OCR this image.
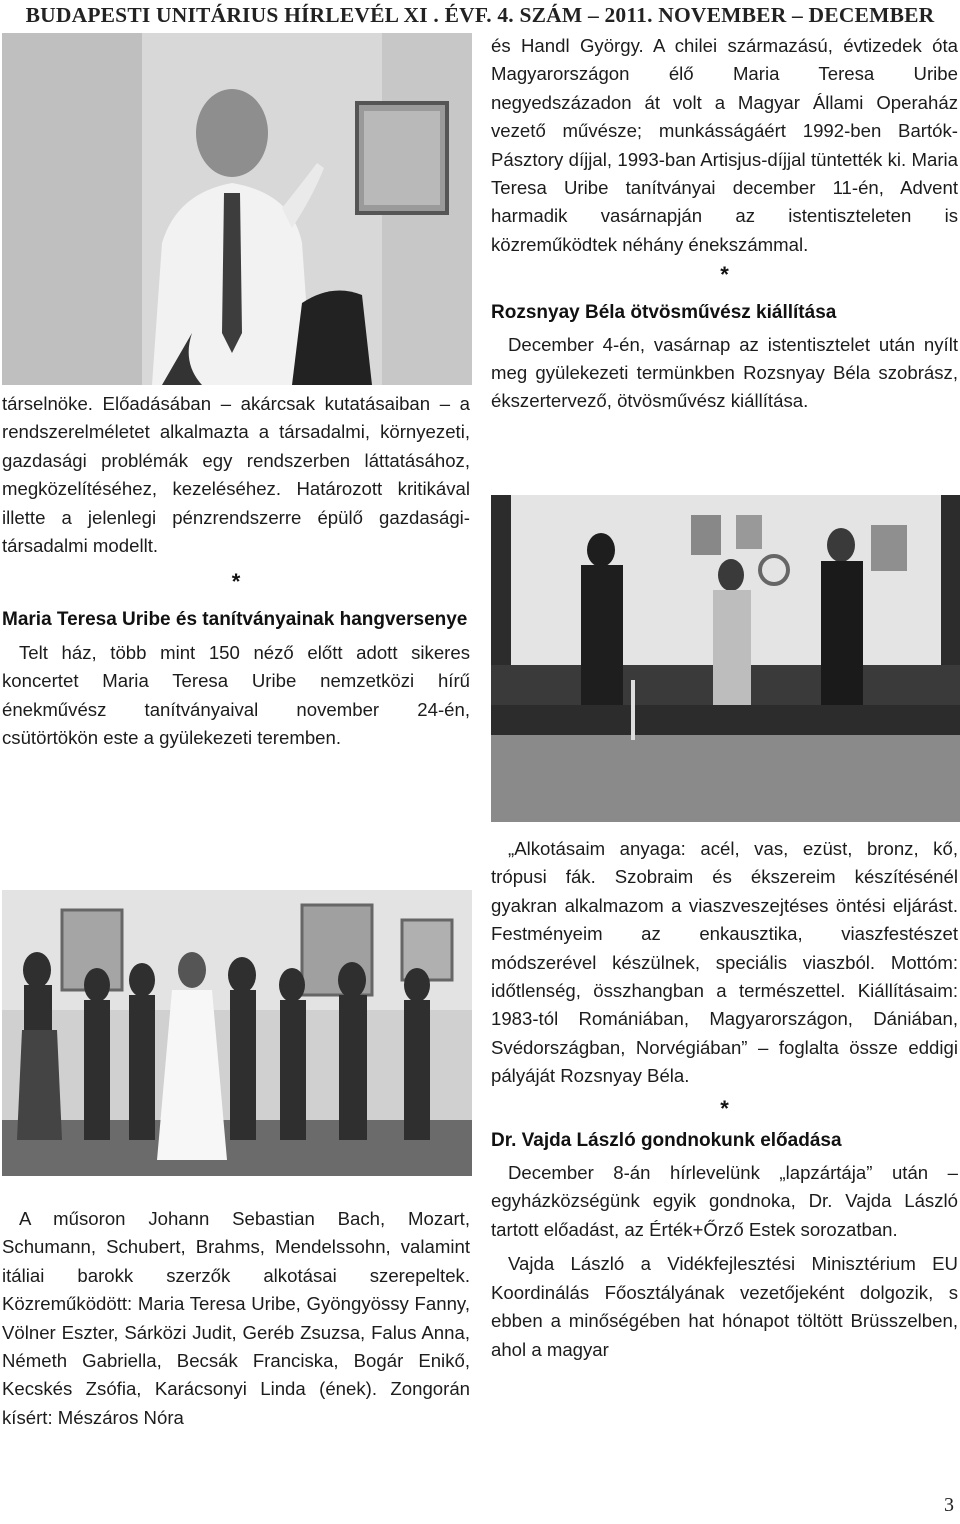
BUDAPESTI UNITÁRIUS HÍRLEVÉL XI . ÉVF. 4. SZÁM – 2011. NOVEMBER – DECEMBER

társelnöke. Előadásában – akárcsak kutatásaiban – a rendszerelméletet alkalmazta a társadalmi, környezeti, gazdasági problémák egy rendszerben láttatásához, megközelítéséhez, kezeléséhez. Határozott kritikával illette a jelenlegi pénzrendszerre épülő gazdasági-társadalmi modellt.

*
Maria Teresa Uribe és tanítványainak hangversenye

Telt ház, több mint 150 néző előtt adott sikeres koncertet Maria Teresa Uribe nemzetközi hírű énekművész tanítványaival november 24-én, csütörtökön este a gyülekezeti teremben.

A műsoron Johann Sebastian Bach, Mozart, Schumann, Schubert, Brahms, Mendelssohn, valamint itáliai barokk szerzők alkotásai szerepeltek. Közreműködött: Maria Teresa Uribe, Gyöngyössy Fanny, Völner Eszter, Sárközi Judit, Geréb Zsuzsa, Falus Anna, Németh Gabriella, Becsák Franciska, Bogár Enikő, Kecskés Zsófia, Karácsonyi Linda (ének). Zongorán kísért: Mészáros Nóra

és Handl György. A chilei származású, évtizedek óta Magyarországon élő Maria Teresa Uribe negyedszázadon át volt a Magyar Állami Operaház vezető művésze; munkásságáért 1992-ben Bartók-Pásztory díjjal, 1993-ban Artisjus-díjjal tüntették ki. Maria Teresa Uribe tanítványai december 11-én, Advent harmadik vasárnapján az istentiszteleten is közreműködtek néhány énekszámmal.

*
Rozsnyay Béla ötvösművész kiállítása

December 4-én, vasárnap az istentisztelet után nyílt meg gyülekezeti termünkben Rozsnyay Béla szobrász, ékszertervező, ötvösművész kiállítása.

„Alkotásaim anyaga: acél, vas, ezüst, bronz, kő, trópusi fák. Szobraim és ékszereim készítésénél gyakran alkalmazom a viaszveszejtéses öntési eljárást. Festményeim az enkausztika, viaszfestészet módszerével készülnek, speciális viaszból. Mottóm: időtlenség, összhangban a természettel. Kiállításaim: 1983-tól Romániában, Magyarországon, Dániában, Svédországban, Norvégiában” – foglalta össze eddigi pályáját Rozsnyay Béla.

*
Dr. Vajda László gondnokunk előadása

December 8-án hírlevelünk „lapzártája” után – egyházközségünk egyik gondnoka, Dr. Vajda László tartott előadást, az Érték+Őrző Estek sorozatban.

Vajda László a Vidékfejlesztési Minisztérium EU Koordinálás Főosztályának vezetőjeként dolgozik, s ebben a minőségében hat hónapot töltött Brüsszelben, ahol a magyar

3
